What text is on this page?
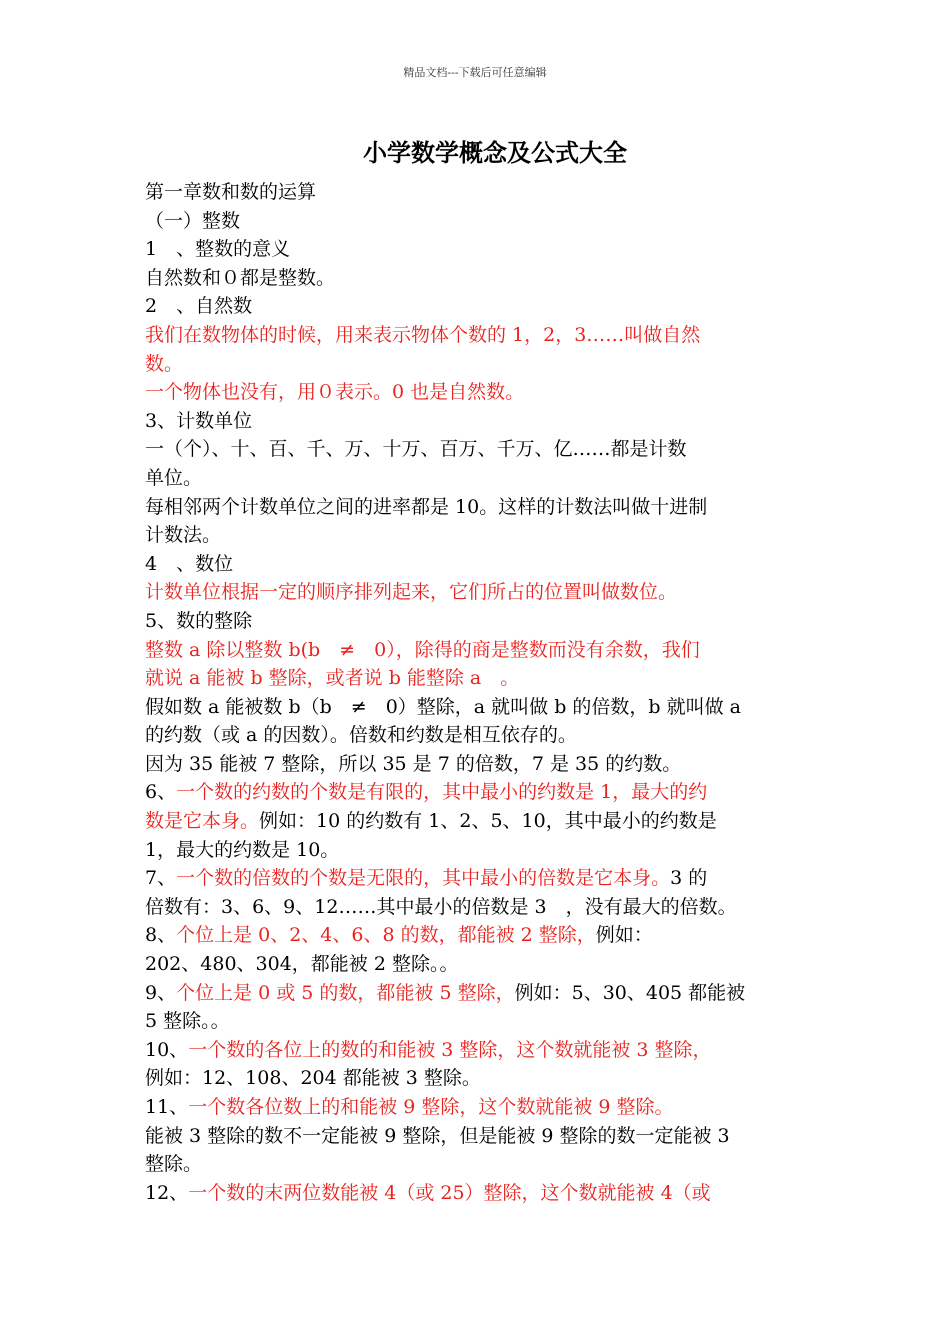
精品文档---下载后可任意编辑
小学数学概念及公式大全

第一章数和数的运算

（一）整数

1　、整数的意义

自然数和０都是整数。

2　、自然数

我们在数物体的时候，用来表示物体个数的 1，2，3……叫做自然

数。

一个物体也没有，用０表示。0 也是自然数。

3、计数单位

一（个）、十、百、千、万、十万、百万、千万、亿……都是计数

单位。

每相邻两个计数单位之间的进率都是 10。这样的计数法叫做十进制

计数法。

4　、数位

计数单位根据一定的顺序排列起来，它们所占的位置叫做数位。

5、数的整除

整数 a 除以整数 b(b　≠　0），除得的商是整数而没有余数，我们

就说 a 能被 b 整除，或者说 b 能整除 a　。

假如数 a 能被数 b（b　≠　0）整除，a 就叫做 b 的倍数，b 就叫做 a

的约数（或 a 的因数）。倍数和约数是相互依存的。

因为 35 能被 7 整除，所以 35 是 7 的倍数，7 是 35 的约数。

6、一个数的约数的个数是有限的，其中最小的约数是 1，最大的约

数是它本身。例如：10 的约数有 1、2、5、10，其中最小的约数是

1，最大的约数是 10。

7、一个数的倍数的个数是无限的，其中最小的倍数是它本身。3 的

倍数有：3、6、9、12……其中最小的倍数是 3　，没有最大的倍数。

8、个位上是 0、2、4、6、8 的数，都能被 2 整除，例如：

202、480、304，都能被 2 整除。。

9、个位上是 0 或 5 的数，都能被 5 整除，例如：5、30、405 都能被

5 整除。。

10、一个数的各位上的数的和能被 3 整除，这个数就能被 3 整除，

例如：12、108、204 都能被 3 整除。

11、一个数各位数上的和能被 9 整除，这个数就能被 9 整除。

能被 3 整除的数不一定能被 9 整除，但是能被 9 整除的数一定能被 3

整除。

12、一个数的末两位数能被 4（或 25）整除，这个数就能被 4（或
